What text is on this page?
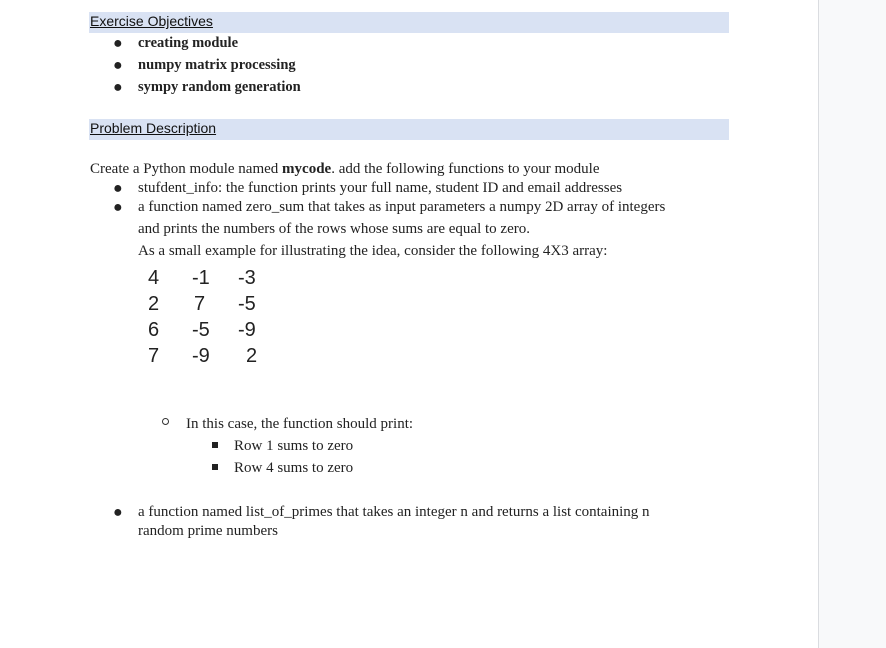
Exercise Objectives
● creating module
● numpy matrix processing
● sympy random generation
Problem Description
Create a Python module named mycode. add the following functions to your module
● stufdent_info: the function prints your full name, student ID and email addresses
● a function named zero_sum that takes as input parameters a numpy 2D array of integers
and prints the numbers of the rows whose sums are equal to zero.
As a small example for illustrating the idea, consider the following 4X3 array:
4 -1 -3
2 7 -5
6 -5 -9
7 -9 2
In this case, the function should print:
Row 1 sums to zero
Row 4 sums to zero
● a function named list_of_primes that takes an integer n and returns a list containing n
random prime numbers
